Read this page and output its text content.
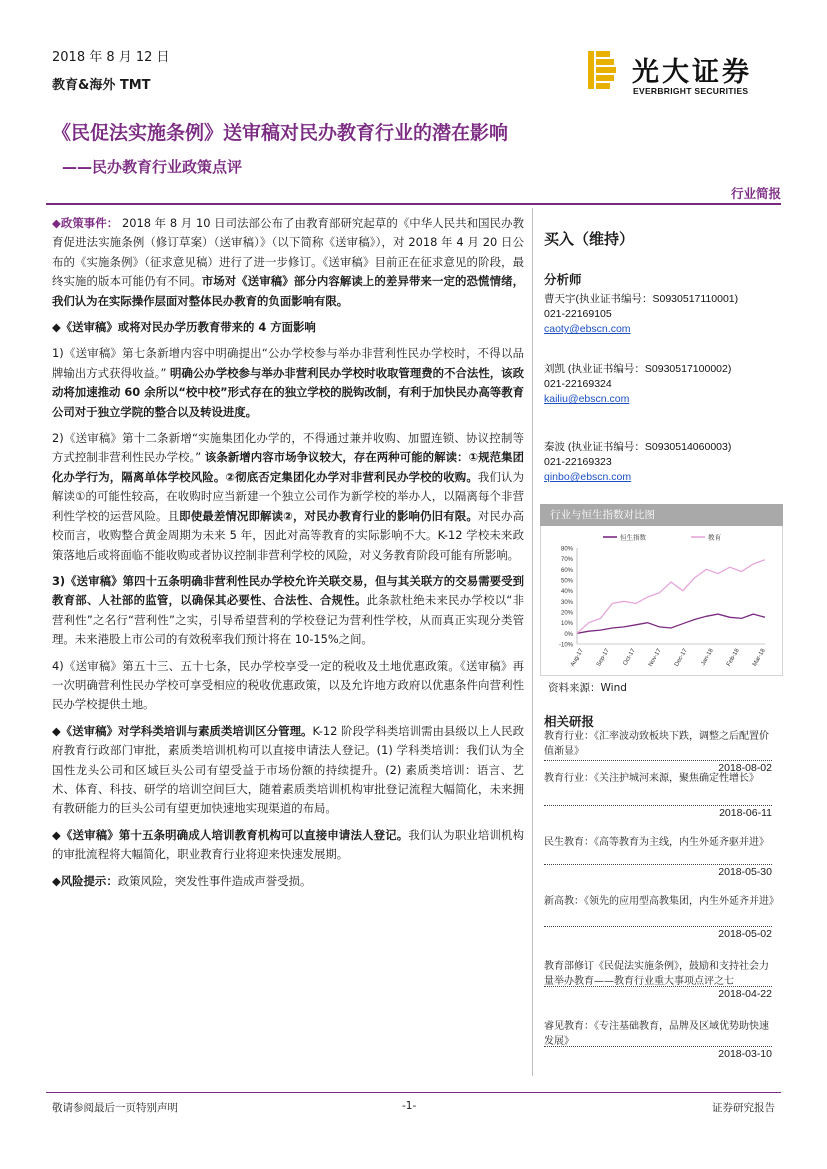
2018 年 8 月 12 日
教育&海外 TMT	光大证券
EVERBRIGHT SECURITIES
《民促法实施条例》送审稿对民办教育行业的潜在影响
——民办教育行业政策点评
行业简报

◆政策事件： 2018 年 8 月 10 日司法部公布了由教育部研究起草的《中华人民共和国民办教育促进法实施条例（修订草案）（送审稿）》（以下简称《送审稿》），对 2018 年 4 月 20 日公布的《实施条例》（征求意见稿）进行了进一步修订。《送审稿》目前正在征求意见的阶段，最终实施的版本可能仍有不同。市场对《送审稿》部分内容解读上的差异带来一定的恐慌情绪，我们认为在实际操作层面对整体民办教育的负面影响有限。

◆《送审稿》或将对民办学历教育带来的 4 方面影响

1)《送审稿》第七条新增内容中明确提出“公办学校参与举办非营利性民办学校时，不得以品牌输出方式获得收益。” 明确公办学校参与举办非营利民办学校时收取管理费的不合法性，该政动将加速推动 60 余所以“校中校”形式存在的独立学校的脱钩改制，有利于加快民办高等教育公司对于独立学院的整合以及转设进度。

2)《送审稿》第十二条新增“实施集团化办学的，不得通过兼并收购、加盟连锁、协议控制等方式控制非营利性民办学校。” 该条新增内容市场争议较大，存在两种可能的解读：①规范集团化办学行为，隔离单体学校风险。②彻底否定集团化办学对非营利民办学校的收购。我们认为解读①的可能性较高，在收购时应当新建一个独立公司作为新学校的举办人，以隔离每个非营利性学校的运营风险。且即使最差情况即解读②，对民办教育行业的影响仍旧有限。对民办高校而言，收购整合黄金周期为未来 5 年，因此对高等教育的实际影响不大。K-12 学校未来政策落地后或将面临不能收购或者协议控制非营利学校的风险，对义务教育阶段可能有所影响。

3)《送审稿》第四十五条明确非营利性民办学校允许关联交易，但与其关联方的交易需要受到教育部、人社部的监管，以确保其必要性、合法性、合规性。此条款杜绝未来民办学校以“非营利性”之名行“营利性”之实，引导希望营利的学校登记为营利性学校，从而真正实现分类管理。未来港股上市公司的有效税率我们预计将在 10-15%之间。

4)《送审稿》第五十三、五十七条，民办学校享受一定的税收及土地优惠政策。《送审稿》再一次明确营利性民办学校可享受相应的税收优惠政策，以及允许地方政府以优惠条件向营利性民办学校提供土地。

◆《送审稿》对学科类培训与素质类培训区分管理。K-12 阶段学科类培训需由县级以上人民政府教育行政部门审批，素质类培训机构可以直接申请法人登记。(1) 学科类培训：我们认为全国性龙头公司和区域巨头公司有望受益于市场份额的持续提升。(2) 素质类培训：语言、艺术、体育、科技、研学的培训空间巨大，随着素质类培训机构审批登记流程大幅简化，未来拥有教研能力的巨头公司有望更加快速地实现渠道的布局。

◆《送审稿》第十五条明确成人培训教育机构可以直接申请法人登记。我们认为职业培训机构的审批流程将大幅简化，职业教育行业将迎来快速发展期。

◆风险提示：政策风险，突发性事件造成声誉受损。

买入（维持）
分析师
曹天宇(执业证书编号：S0930517110001)
021-22169105
caoty@ebscn.com
刘凯 (执业证书编号：S0930517100002)
021-22169324
kailiu@ebscn.com
秦波 (执业证书编号：S0930514060003)
021-22169323
qinbo@ebscn.com
行业与恒生指数对比图
80%
70%
60%
50%
40%
30%
20%
10%
0%
-10%
Aug-17 Sep-17 Oct-17 Nov-17 Dec-17 Jan-18 Feb-18 Mar-18
恒生指数	教育
资料来源：Wind
相关研报
教育行业：《汇率波动致板块下跌，调整之后配置价值渐显》
2018-08-02
教育行业：《关注护城河来源，聚焦确定性增长》
2018-06-11
民生教育：《高等教育为主线，内生外延齐驱并进》
2018-05-30
新高教：《领先的应用型高教集团，内生外延齐并进》
2018-05-02
教育部修订《民促法实施条例》，鼓励和支持社会力量举办教育——教育行业重大事项点评之七
2018-04-22
睿见教育：《专注基础教育，品牌及区域优势助快速发展》
2018-03-10
敬请参阅最后一页特别声明	-1-	证券研究报告
